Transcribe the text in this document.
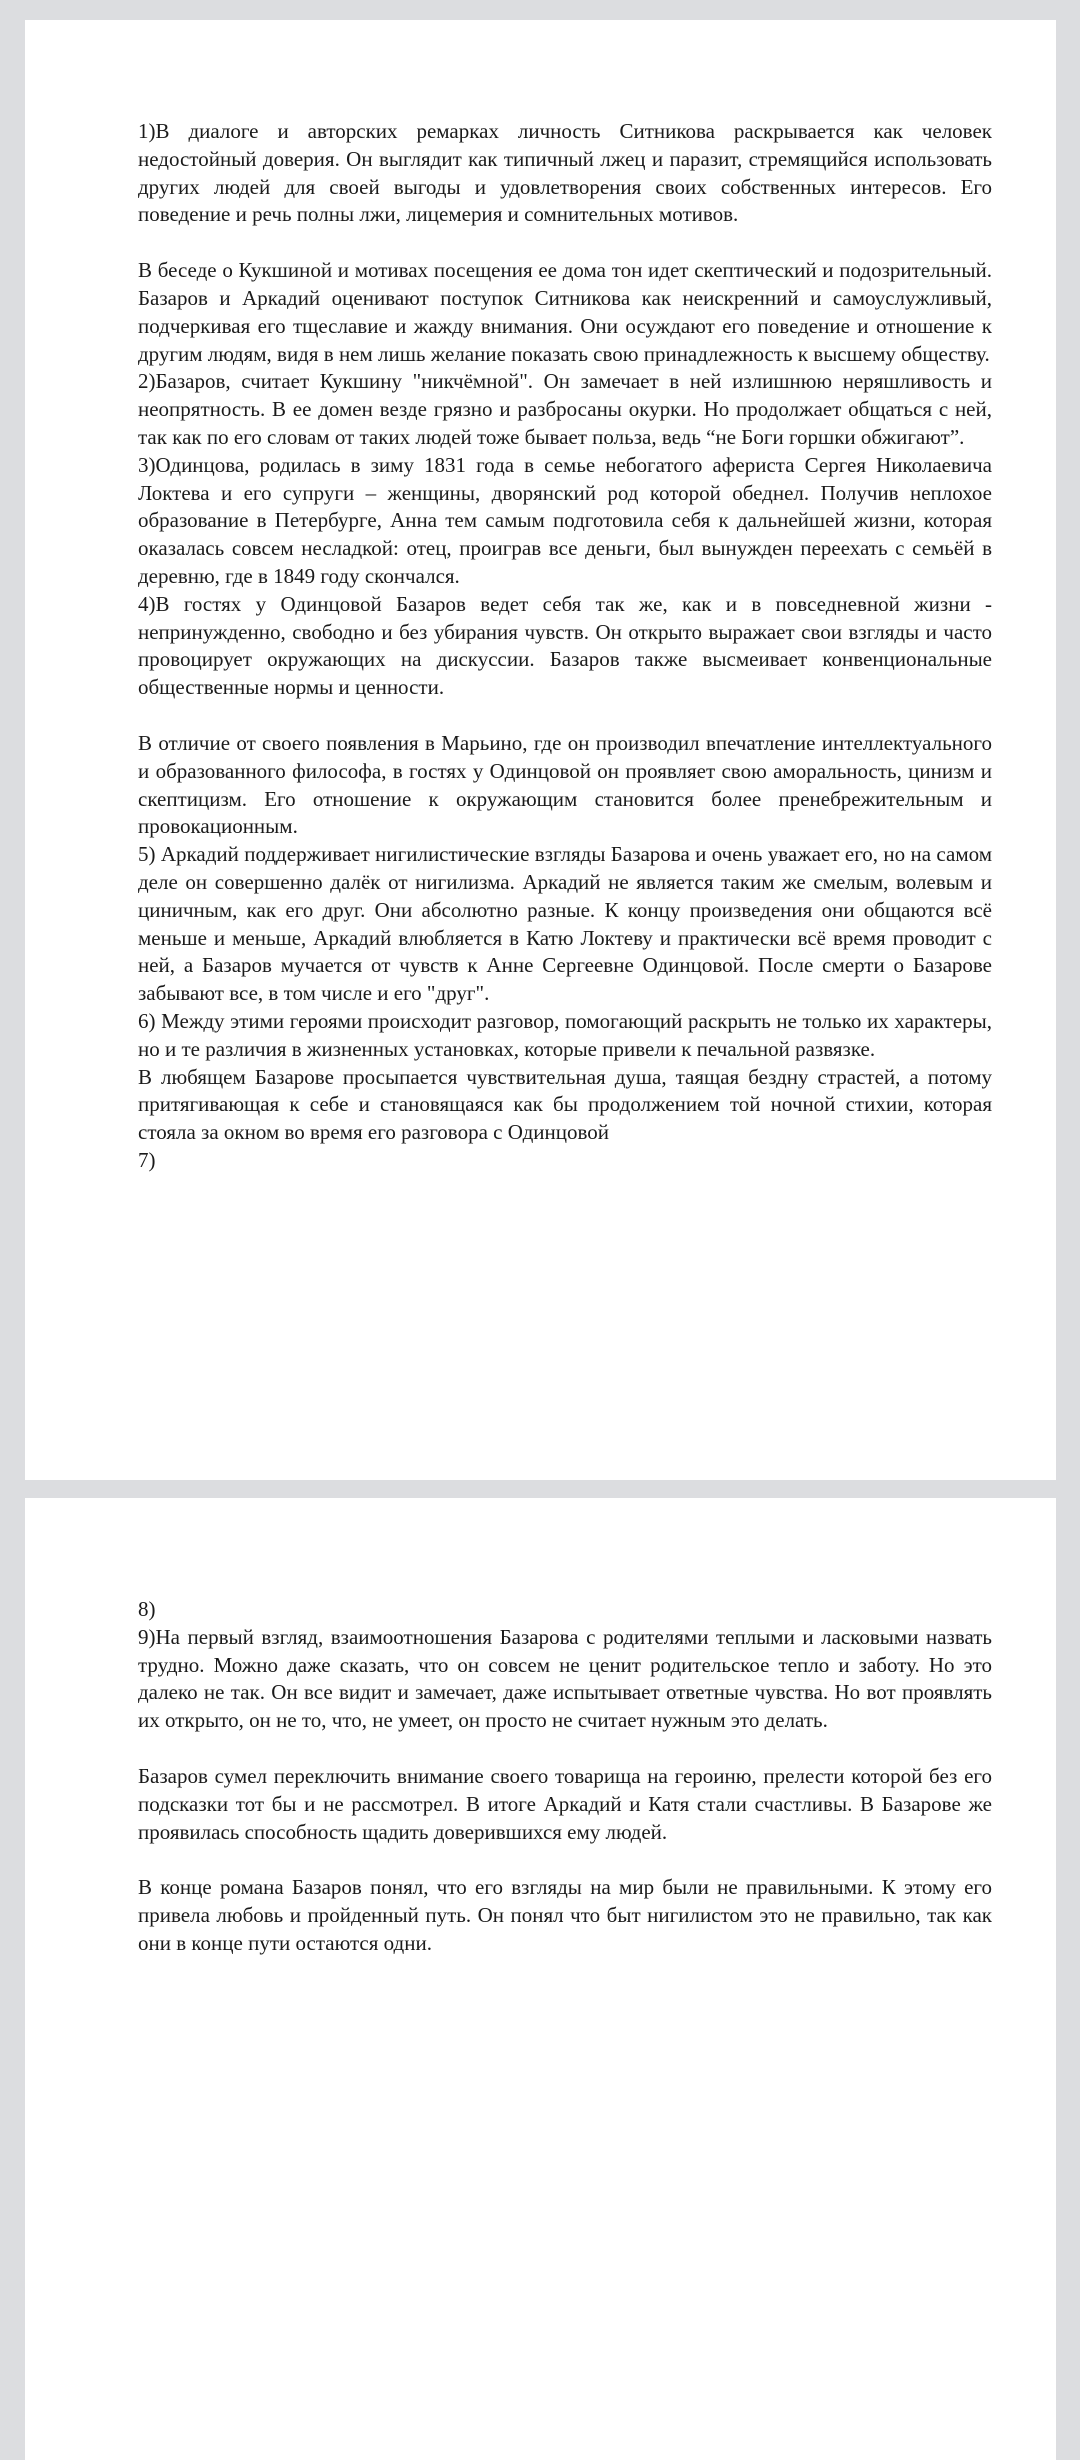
1)В диалоге и авторских ремарках личность Ситникова раскрывается как человек недостойный доверия. Он выглядит как типичный лжец и паразит, стремящийся использовать других людей для своей выгоды и удовлетворения своих собственных интересов. Его поведение и речь полны лжи, лицемерия и сомнительных мотивов.

В беседе о Кукшиной и мотивах посещения ее дома тон идет скептический и подозрительный. Базаров и Аркадий оценивают поступок Ситникова как неискренний и самоуслужливый, подчеркивая его тщеславие и жажду внимания. Они осуждают его поведение и отношение к другим людям, видя в нем лишь желание показать свою принадлежность к высшему обществу.

2)Базаров, считает Кукшину "никчёмной". Он замечает в ней излишнюю неряшливость и неопрятность. В ее домен везде грязно и разбросаны окурки. Но продолжает общаться с ней, так как по его словам от таких людей тоже бывает польза, ведь “не Боги горшки обжигают”.

3)Одинцова, родилась в зиму 1831 года в семье небогатого афериста Сергея Николаевича Локтева и его супруги – женщины, дворянский род которой обеднел. Получив неплохое образование в Петербурге, Анна тем самым подготовила себя к дальнейшей жизни, которая оказалась совсем несладкой: отец, проиграв все деньги, был вынужден переехать с семьёй в деревню, где в 1849 году скончался.

4)В гостях у Одинцовой Базаров ведет себя так же, как и в повседневной жизни - непринужденно, свободно и без убирания чувств. Он открыто выражает свои взгляды и часто провоцирует окружающих на дискуссии. Базаров также высмеивает конвенциональные общественные нормы и ценности.

В отличие от своего появления в Марьино, где он производил впечатление интеллектуального и образованного философа, в гостях у Одинцовой он проявляет свою аморальность, цинизм и скептицизм. Его отношение к окружающим становится более пренебрежительным и провокационным.

5) Аркадий поддерживает нигилистические взгляды Базарова и очень уважает его, но на самом деле он совершенно далёк от нигилизма. Аркадий не является таким же смелым, волевым и циничным, как его друг. Они абсолютно разные. К концу произведения они общаются всё меньше и меньше, Аркадий влюбляется в Катю Локтеву и практически всё время проводит с ней, а Базаров мучается от чувств к Анне Сергеевне Одинцовой. После смерти о Базарове забывают все, в том числе и его "друг".

6) Между этими героями происходит разговор, помогающий раскрыть не только их характеры, но и те различия в жизненных установках, которые привели к печальной развязке.

В любящем Базарове просыпается чувствительная душа, таящая бездну страстей, а потому притягивающая к себе и становящаяся как бы продолжением той ночной стихии, которая стояла за окном во время его разговора с Одинцовой

7)

8)

9)На первый взгляд, взаимоотношения Базарова с родителями теплыми и ласковыми назвать трудно. Можно даже сказать, что он совсем не ценит родительское тепло и заботу. Но это далеко не так. Он все видит и замечает, даже испытывает ответные чувства. Но вот проявлять их открыто, он не то, что, не умеет, он просто не считает нужным это делать.

Базаров сумел переключить внимание своего товарища на героиню, прелести которой без его подсказки тот бы и не рассмотрел. В итоге Аркадий и Катя стали счастливы. В Базарове же проявилась способность щадить доверившихся ему людей.

В конце романа Базаров понял, что его взгляды на мир были не правильными. К этому его привела любовь и пройденный путь. Он понял что быт нигилистом это не правильно, так как они в конце пути остаются одни.
